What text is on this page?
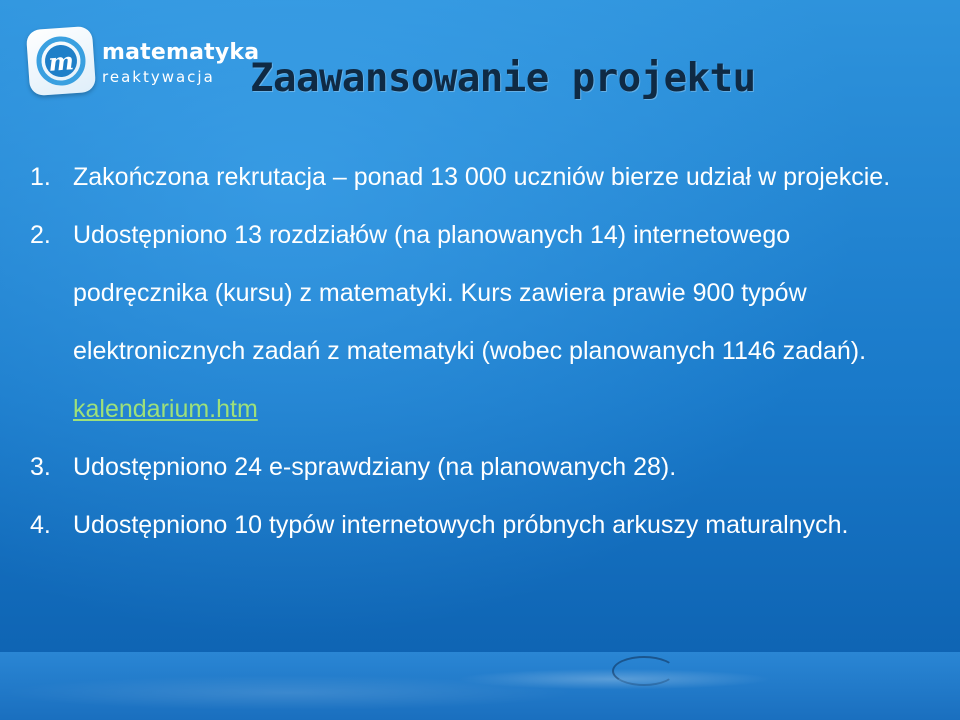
m matematyka
reaktywacja Zaawansowanie projektu
1. Zakończona rekrutacja – ponad 13 000 uczniów bierze udział w projekcie.
2. Udostępniono 13 rozdziałów (na planowanych 14) internetowego podręcznika (kursu) z matematyki. Kurs zawiera prawie 900 typów elektronicznych zadań z matematyki (wobec planowanych 1146 zadań). kalendarium.htm
3. Udostępniono 24 e-sprawdziany (na planowanych 28).
4. Udostępniono 10 typów internetowych próbnych arkuszy maturalnych.
